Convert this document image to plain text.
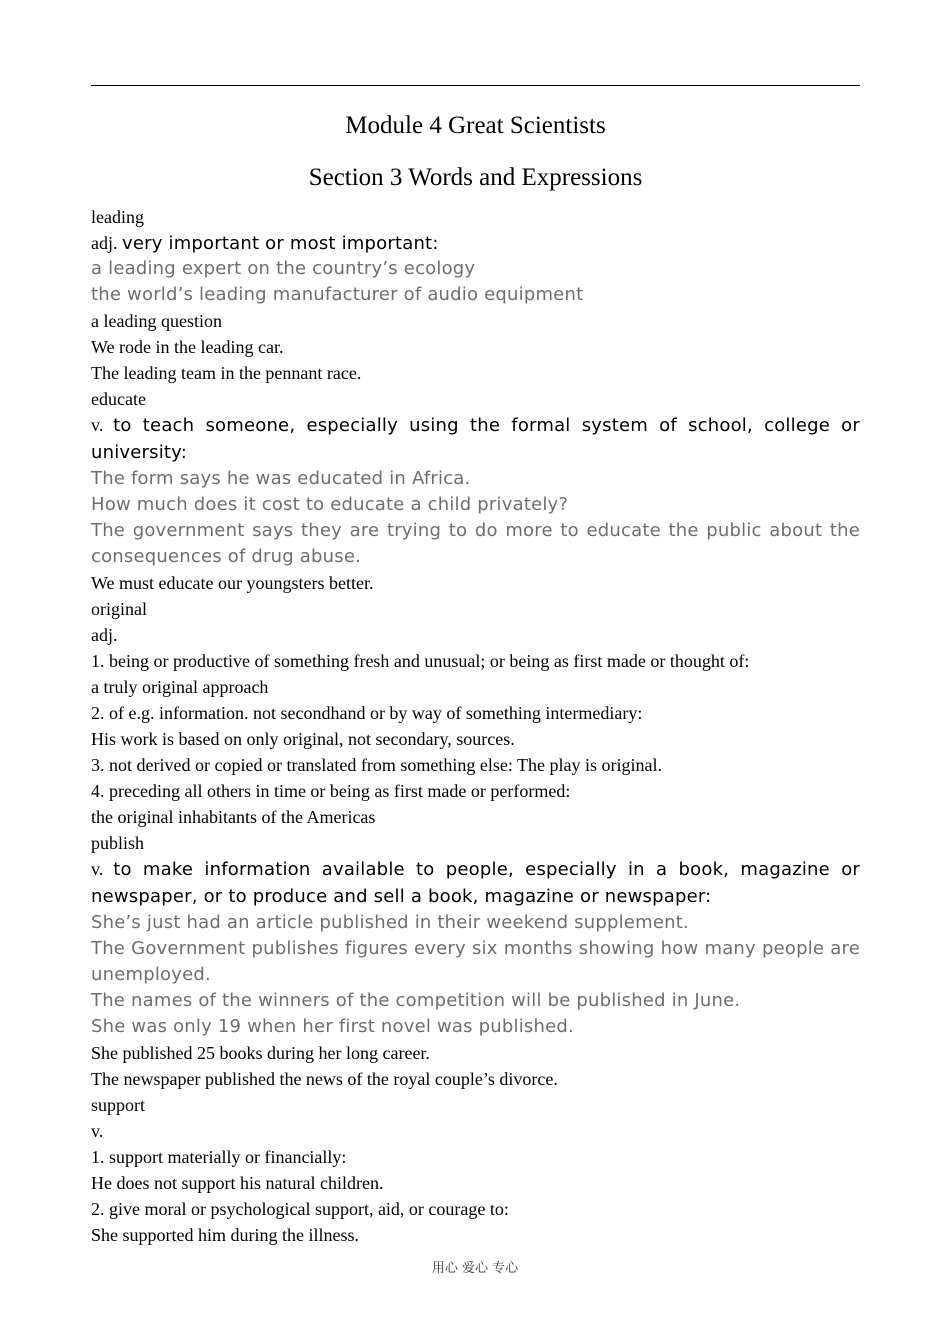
Module 4 Great Scientists
Section 3 Words and Expressions
leading
adj. very important or most important:
a leading expert on the country’s ecology
the world’s leading manufacturer of audio equipment
a leading question
We rode in the leading car.
The leading team in the pennant race.
educate
v. to teach someone, especially using the formal system of school, college or university:
The form says he was educated in Africa.
How much does it cost to educate a child privately?
The government says they are trying to do more to educate the public about the consequences of drug abuse.
We must educate our youngsters better.
original
adj.
1. being or productive of something fresh and unusual; or being as first made or thought of:
a truly original approach
2. of e.g. information. not secondhand or by way of something intermediary:
His work is based on only original, not secondary, sources.
3. not derived or copied or translated from something else: The play is original.
4. preceding all others in time or being as first made or performed:
the original inhabitants of the Americas
publish
v. to make information available to people, especially in a book, magazine or newspaper, or to produce and sell a book, magazine or newspaper:
She’s just had an article published in their weekend supplement.
The Government publishes figures every six months showing how many people are unemployed.
The names of the winners of the competition will be published in June.
She was only 19 when her first novel was published.
She published 25 books during her long career.
The newspaper published the news of the royal couple’s divorce.
support
v.
1. support materially or financially:
He does not support his natural children.
2. give moral or psychological support, aid, or courage to:
She supported him during the illness.
用心 爱心 专心
